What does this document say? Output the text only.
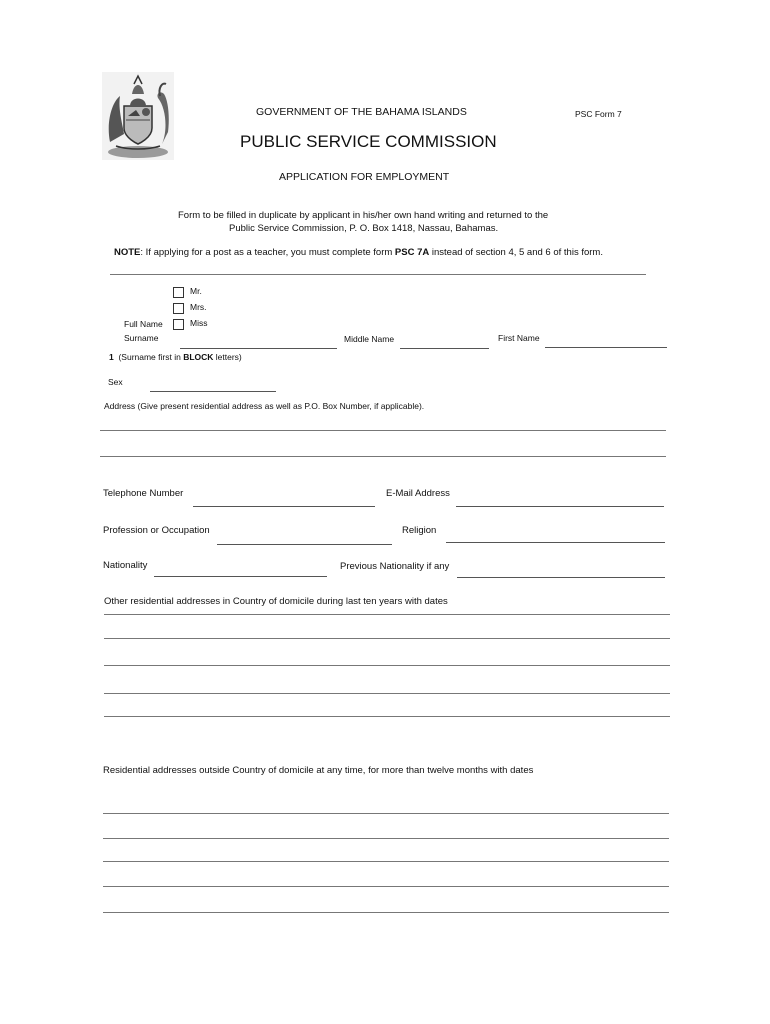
GOVERNMENT OF THE BAHAMA ISLANDS	PSC Form 7
PUBLIC SERVICE COMMISSION
APPLICATION FOR EMPLOYMENT
Form to be filled in duplicate by applicant in his/her own hand writing and returned to the
Public Service Commission, P. O. Box 1418, Nassau, Bahamas.
NOTE: If applying for a post as a teacher, you must complete form PSC 7A instead of section 4, 5 and 6 of this form.
Mr.
Mrs.
Miss
Full Name
Surname	Middle Name	First Name
1 (Surname first in BLOCK letters)
Sex
Address (Give present residential address as well as P.O. Box Number, if applicable).
Telephone Number	E-Mail Address
Profession or Occupation	Religion
Nationality	Previous Nationality if any
Other residential addresses in Country of domicile during last ten years with dates
Residential addresses outside Country of domicile at any time, for more than twelve months with dates
